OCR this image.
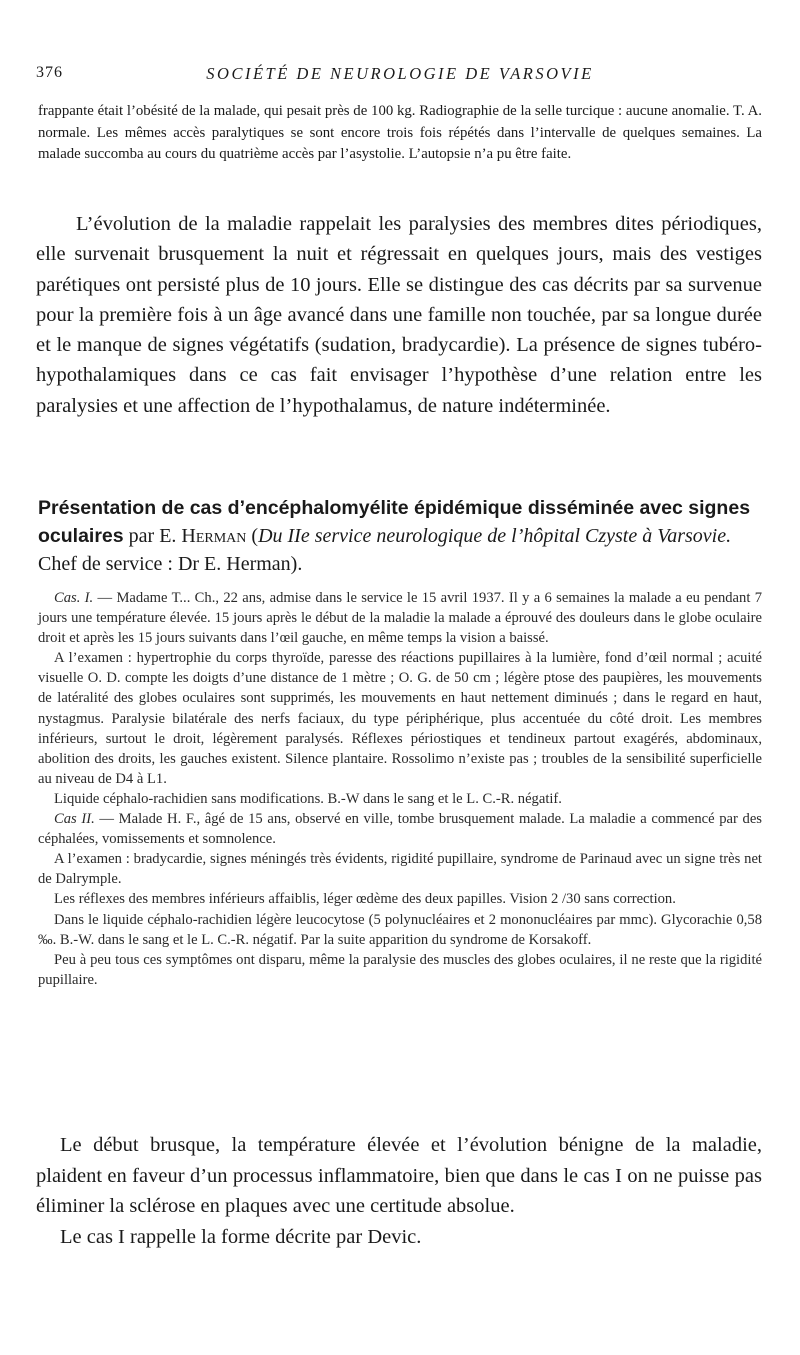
376	SOCIÉTÉ DE NEUROLOGIE DE VARSOVIE

frappante était l’obésité de la malade, qui pesait près de 100 kg. Radiographie de la selle turcique : aucune anomalie. T. A. normale. Les mêmes accès paralytiques se sont encore trois fois répétés dans l’intervalle de quelques semaines. La malade succomba au cours du quatrième accès par l’asystolie. L’autopsie n’a pu être faite.

L’évolution de la maladie rappelait les paralysies des membres dites périodiques, elle survenait brusquement la nuit et régressait en quelques jours, mais des vestiges parétiques ont persisté plus de 10 jours. Elle se distingue des cas décrits par sa survenue pour la première fois à un âge avancé dans une famille non touchée, par sa longue durée et le manque de signes végétatifs (sudation, bradycardie). La présence de signes tubéro-hypothalamiques dans ce cas fait envisager l’hypothèse d’une relation entre les paralysies et une affection de l’hypothalamus, de nature indéterminée.

Présentation de cas d’encéphalomyélite épidémique disséminée avec signes oculaires par E. Herman (Du IIe service neurologique de l’hôpital Czyste à Varsovie. Chef de service : Dr E. Herman).

Cas. I. — Madame T... Ch., 22 ans, admise dans le service le 15 avril 1937. Il y a 6 semaines la malade a eu pendant 7 jours une température élevée. 15 jours après le début de la maladie la malade a éprouvé des douleurs dans le globe oculaire droit et après les 15 jours suivants dans l’œil gauche, en même temps la vision a baissé.

A l’examen : hypertrophie du corps thyroïde, paresse des réactions pupillaires à la lumière, fond d’œil normal ; acuité visuelle O. D. compte les doigts d’une distance de 1 mètre ; O. G. de 50 cm ; légère ptose des paupières, les mouvements de latéralité des globes oculaires sont supprimés, les mouvements en haut nettement diminués ; dans le regard en haut, nystagmus. Paralysie bilatérale des nerfs faciaux, du type périphérique, plus accentuée du côté droit. Les membres inférieurs, surtout le droit, légèrement paralysés. Réflexes périostiques et tendineux partout exagérés, abdominaux, abolition des droits, les gauches existent. Silence plantaire. Rossolimo n’existe pas ; troubles de la sensibilité superficielle au niveau de D4 à L1.

Liquide céphalo-rachidien sans modifications. B.-W dans le sang et le L. C.-R. négatif.

Cas II. — Malade H. F., âgé de 15 ans, observé en ville, tombe brusquement malade. La maladie a commencé par des céphalées, vomissements et somnolence.

A l’examen : bradycardie, signes méningés très évidents, rigidité pupillaire, syndrome de Parinaud avec un signe très net de Dalrymple.

Les réflexes des membres inférieurs affaiblis, léger œdème des deux papilles. Vision 2 /30 sans correction.

Dans le liquide céphalo-rachidien légère leucocytose (5 polynucléaires et 2 mononucléaires par mmc). Glycorachie 0,58 ‰. B.-W. dans le sang et le L. C.-R. négatif. Par la suite apparition du syndrome de Korsakoff.

Peu à peu tous ces symptômes ont disparu, même la paralysie des muscles des globes oculaires, il ne reste que la rigidité pupillaire.

Le début brusque, la température élevée et l’évolution bénigne de la maladie, plaident en faveur d’un processus inflammatoire, bien que dans le cas I on ne puisse pas éliminer la sclérose en plaques avec une certitude absolue.

Le cas I rappelle la forme décrite par Devic.
